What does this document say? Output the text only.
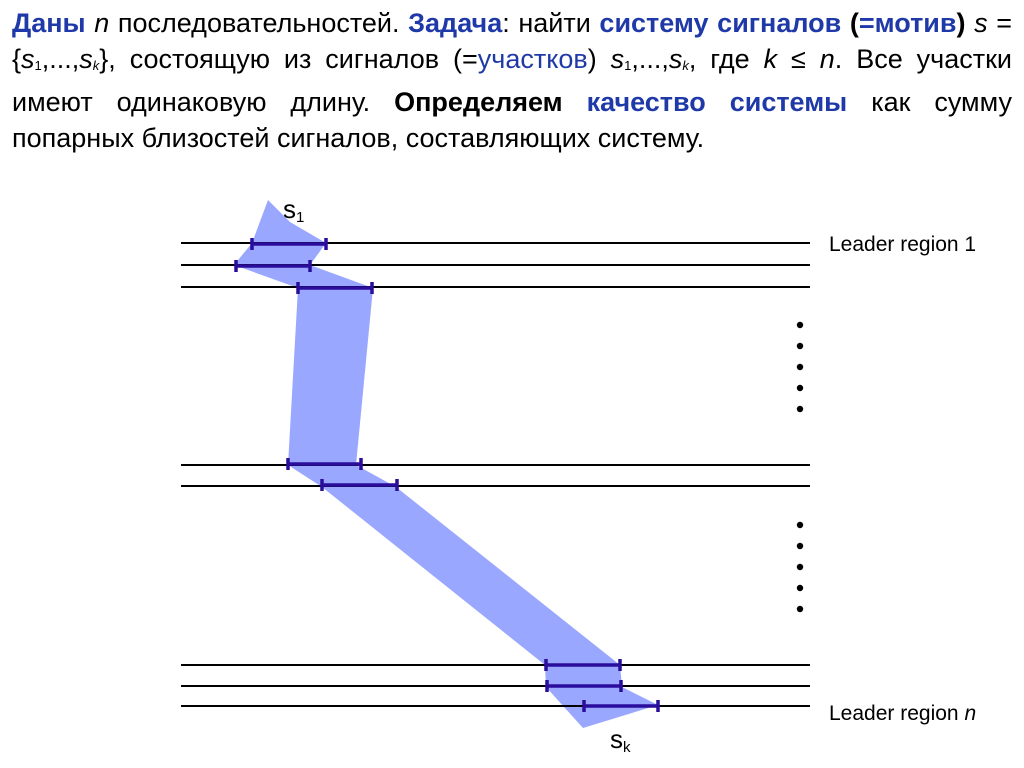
Даны n последовательностей. Задача: найти систему сигналов (=мотив) s = {s1,...,sk}, состоящую из сигналов (=участков) s1,...,sk, где k ≤ n. Все участки имеют одинаковую длину. Определяем качество системы как сумму попарных близостей сигналов, составляющих систему.

s1
sk
Leader region 1
Leader region n
